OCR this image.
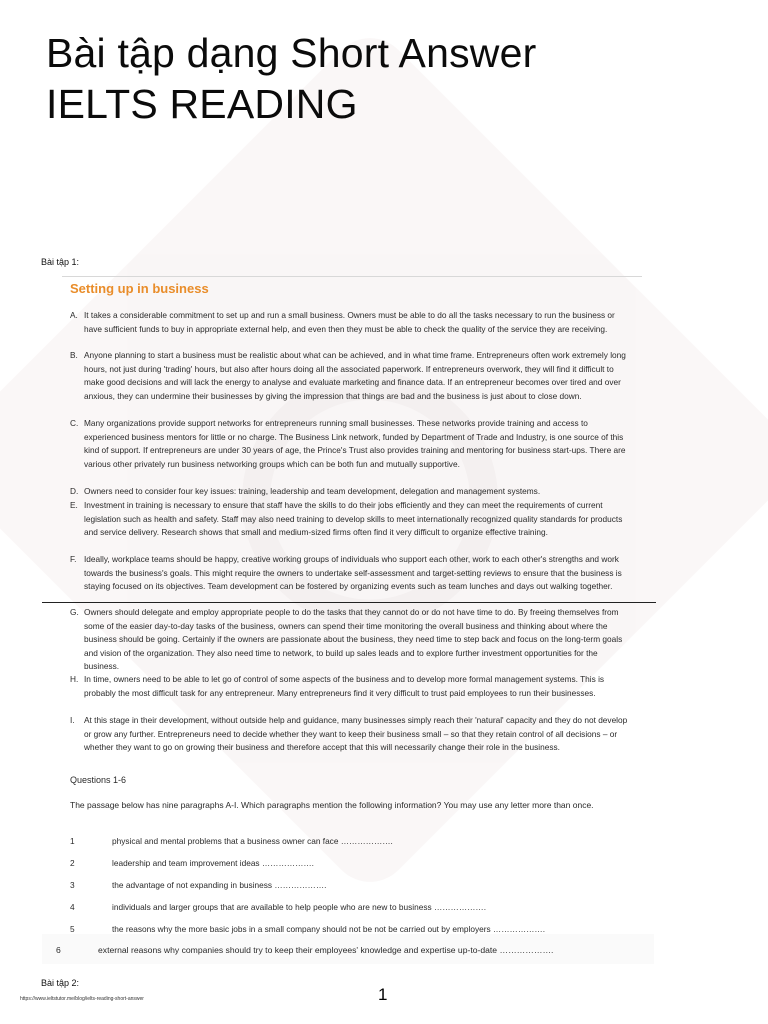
Bài tập dạng Short Answer
IELTS READING
Bài tập 1:
Setting up in business
A. It takes a considerable commitment to set up and run a small business. Owners must be able to do all the tasks necessary to run the business or have sufficient funds to buy in appropriate external help, and even then they must be able to check the quality of the service they are receiving.
B. Anyone planning to start a business must be realistic about what can be achieved, and in what time frame. Entrepreneurs often work extremely long hours, not just during 'trading' hours, but also after hours doing all the associated paperwork. If entrepreneurs overwork, they will find it difficult to make good decisions and will lack the energy to analyse and evaluate marketing and finance data. If an entrepreneur becomes over tired and over anxious, they can undermine their businesses by giving the impression that things are bad and the business is just about to close down.
C. Many organizations provide support networks for entrepreneurs running small businesses. These networks provide training and access to experienced business mentors for little or no charge. The Business Link network, funded by Department of Trade and Industry, is one source of this kind of support. If entrepreneurs are under 30 years of age, the Prince's Trust also provides training and mentoring for business start-ups. There are various other privately run business networking groups which can be both fun and mutually supportive.
D. Owners need to consider four key issues: training, leadership and team development, delegation and management systems.
E. Investment in training is necessary to ensure that staff have the skills to do their jobs efficiently and they can meet the requirements of current legislation such as health and safety. Staff may also need training to develop skills to meet internationally recognized quality standards for products and service delivery. Research shows that small and medium-sized firms often find it very difficult to organize effective training.
F. Ideally, workplace teams should be happy, creative working groups of individuals who support each other, work to each other's strengths and work towards the business's goals. This might require the owners to undertake self-assessment and target-setting reviews to ensure that the business is staying focused on its objectives. Team development can be fostered by organizing events such as team lunches and days out walking together.
G. Owners should delegate and employ appropriate people to do the tasks that they cannot do or do not have time to do. By freeing themselves from some of the easier day-to-day tasks of the business, owners can spend their time monitoring the overall business and thinking about where the business should be going. Certainly if the owners are passionate about the business, they need time to step back and focus on the long-term goals and vision of the organization. They also need time to network, to build up sales leads and to explore further investment opportunities for the business.
H. In time, owners need to be able to let go of control of some aspects of the business and to develop more formal management systems. This is probably the most difficult task for any entrepreneur. Many entrepreneurs find it very difficult to trust paid employees to run their businesses.
I.	At this stage in their development, without outside help and guidance, many businesses simply reach their 'natural' capacity and they do not develop or grow any further. Entrepreneurs need to decide whether they want to keep their business small – so that they retain control of all decisions – or whether they want to go on growing their business and therefore accept that this will necessarily change their role in the business.
Questions 1-6
The passage below has nine paragraphs A-I. Which paragraphs mention the following information? You may use any letter more than once.
1	physical and mental problems that a business owner can face ……………….
2	leadership and team improvement ideas ……………….
3	the advantage of not expanding in business ……………….
4	individuals and larger groups that are available to help people who are new to business ……………….
5	the reasons why the more basic jobs in a small company should not be not be carried out by employers ……………….
6	external reasons why companies should try to keep their employees' knowledge and expertise up-to-date ……………….
Bài tập 2:
https://www.ieltstutor.me/blog/ielts-reading-short-answer	1
